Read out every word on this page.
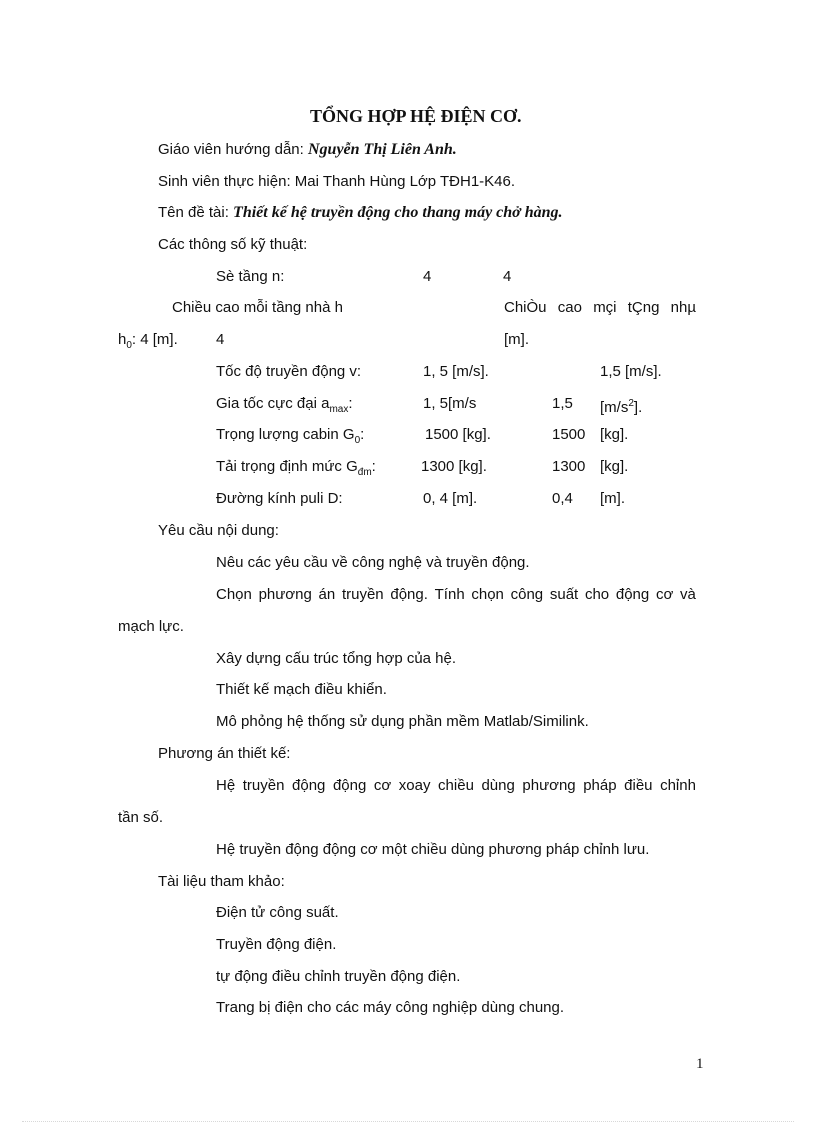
TỔNG HỢP HỆ ĐIỆN CƠ.
Giáo viên hướng dẫn: Nguyễn Thị Liên Anh.
Sinh viên thực hiện: Mai Thanh Hùng Lớp TĐH1-K46.
Tên đề tài: Thiết kế hệ truyền động cho thang máy chở hàng.
Các thông số kỹ thuật:
Sè tầng n:	4	4
Chiều cao mỗi tầng nhà h	ChiÒu cao mçi tÇng nhµ
$h_0$: 4 [m].	4	[m].
Tốc độ truyền động v:	1, 5 [m/s].	1,5 [m/s].
Gia tốc cực đại $a_{max}$:	1, 5[m/s	1,5 $[m/s^2]$.
Trọng lượng cabin $G_0$:	1500 [kg].	1500 [kg].
Tải trọng định mức $G_{đm}$:	1300 [kg].	1300 [kg].
Đường kính puli D:	0, 4 [m].	0,4 [m].
Yêu cầu nội dung:
Nêu các yêu cầu về công nghệ và truyền động.
Chọn phương án truyền động. Tính chọn công suất cho động cơ và
mạch lực.
Xây dựng cấu trúc tổng hợp của hệ.
Thiết kế mạch điều khiển.
Mô phỏng hệ thống sử dụng phần mềm Matlab/Similink.
Phương án thiết kế:
Hệ truyền động động cơ xoay chiều dùng phương pháp điều chỉnh
tần số.
Hệ truyền động động cơ một chiều dùng phương pháp chỉnh lưu.
Tài liệu tham khảo:
Điện tử công suất.
Truyền động điện.
tự động điều chỉnh truyền động điện.
Trang bị điện cho các máy công nghiệp dùng chung.
1
